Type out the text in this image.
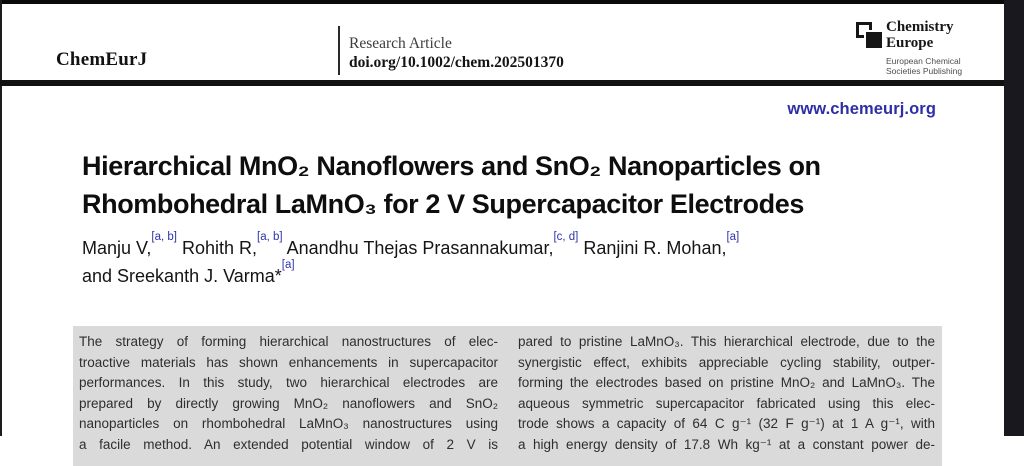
ChemEurJ
Research Article
doi.org/10.1002/chem.202501370
Chemistry
Europe
European Chemical
Societies Publishing
www.chemeurj.org
Hierarchical MnO₂ Nanoflowers and SnO₂ Nanoparticles on
Rhombohedral LaMnO₃ for 2 V Supercapacitor Electrodes
Manju V,[a, b] Rohith R,[a, b] Anandhu Thejas Prasannakumar,[c, d] Ranjini R. Mohan,[a]
and Sreekanth J. Varma*[a]
The strategy of forming hierarchical nanostructures of elec-
troactive materials has shown enhancements in supercapacitor
performances. In this study, two hierarchical electrodes are
prepared by directly growing MnO₂ nanoflowers and SnO₂
nanoparticles on rhombohedral LaMnO₃ nanostructures using
a facile method. An extended potential window of 2 V is
pared to pristine LaMnO₃. This hierarchical electrode, due to the
synergistic effect, exhibits appreciable cycling stability, outper-
forming the electrodes based on pristine MnO₂ and LaMnO₃. The
aqueous symmetric supercapacitor fabricated using this elec-
trode shows a capacity of 64 C g⁻¹ (32 F g⁻¹) at 1 A g⁻¹, with
a high energy density of 17.8 Wh kg⁻¹ at a constant power de-
